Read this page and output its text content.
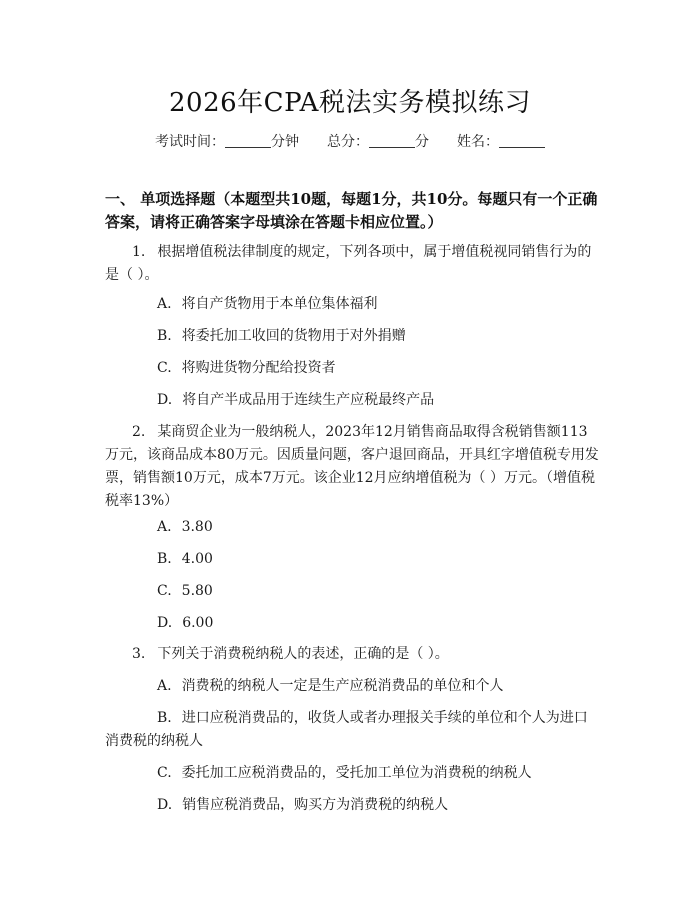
2026年CPA税法实务模拟练习
考试时间：	分钟 总分：	分 姓名：
一、 单项选择题（本题型共10题，每题1分，共10分。每题只有一个正确答案，请将正确答案字母填涂在答题卡相应位置。）
1. 根据增值税法律制度的规定，下列各项中，属于增值税视同销售行为的是（ ）。
A. 将自产货物用于本单位集体福利
B. 将委托加工收回的货物用于对外捐赠
C. 将购进货物分配给投资者
D. 将自产半成品用于连续生产应税最终产品
2. 某商贸企业为一般纳税人，2023年12月销售商品取得含税销售额113万元，该商品成本80万元。因质量问题，客户退回商品，开具红字增值税专用发票，销售额10万元，成本7万元。该企业12月应纳增值税为（ ）万元。（增值税税率13%）
A. 3.80
B. 4.00
C. 5.80
D. 6.00
3. 下列关于消费税纳税人的表述，正确的是（ ）。
A. 消费税的纳税人一定是生产应税消费品的单位和个人
B. 进口应税消费品的，收货人或者办理报关手续的单位和个人为进口消费税的纳税人
C. 委托加工应税消费品的，受托加工单位为消费税的纳税人
D. 销售应税消费品，购买方为消费税的纳税人
